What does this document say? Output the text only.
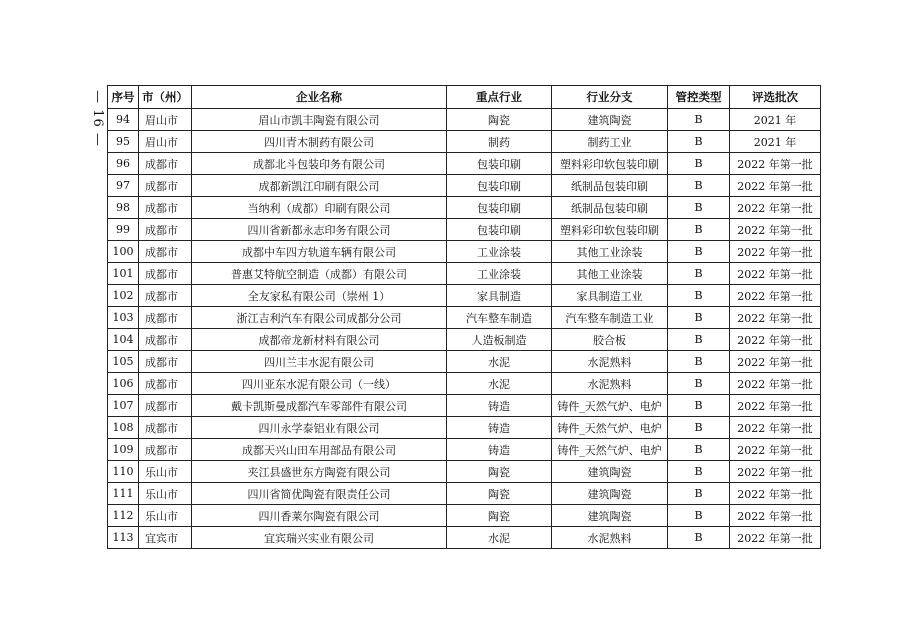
— 16 — 序号	市（州）	企业名称	重点行业	行业分支	管控类型	评选批次
94	眉山市	眉山市凯丰陶瓷有限公司	陶瓷	建筑陶瓷	B	2021 年
95	眉山市	四川青木制药有限公司	制药	制药工业	B	2021 年
96	成都市	成都北斗包装印务有限公司	包装印刷	塑料彩印软包装印刷	B	2022 年第一批
97	成都市	成都新凯江印刷有限公司	包装印刷	纸制品包装印刷	B	2022 年第一批
98	成都市	当纳利（成都）印刷有限公司	包装印刷	纸制品包装印刷	B	2022 年第一批
99	成都市	四川省新都永志印务有限公司	包装印刷	塑料彩印软包装印刷	B	2022 年第一批
100	成都市	成都中车四方轨道车辆有限公司	工业涂装	其他工业涂装	B	2022 年第一批
101	成都市	普惠艾特航空制造（成都）有限公司	工业涂装	其他工业涂装	B	2022 年第一批
102	成都市	全友家私有限公司（崇州 1）	家具制造	家具制造工业	B	2022 年第一批
103	成都市	浙江吉利汽车有限公司成都分公司	汽车整车制造	汽车整车制造工业	B	2022 年第一批
104	成都市	成都帝龙新材料有限公司	人造板制造	胶合板	B	2022 年第一批
105	成都市	四川兰丰水泥有限公司	水泥	水泥熟料	B	2022 年第一批
106	成都市	四川亚东水泥有限公司（一线）	水泥	水泥熟料	B	2022 年第一批
107	成都市	戴卡凯斯曼成都汽车零部件有限公司	铸造	铸件_天然气炉、电炉	B	2022 年第一批
108	成都市	四川永学泰铝业有限公司	铸造	铸件_天然气炉、电炉	B	2022 年第一批
109	成都市	成都天兴山田车用部品有限公司	铸造	铸件_天然气炉、电炉	B	2022 年第一批
110	乐山市	夹江县盛世东方陶瓷有限公司	陶瓷	建筑陶瓷	B	2022 年第一批
111	乐山市	四川省简优陶瓷有限责任公司	陶瓷	建筑陶瓷	B	2022 年第一批
112	乐山市	四川香莱尔陶瓷有限公司	陶瓷	建筑陶瓷	B	2022 年第一批
113	宜宾市	宜宾瑞兴实业有限公司	水泥	水泥熟料	B	2022 年第一批
